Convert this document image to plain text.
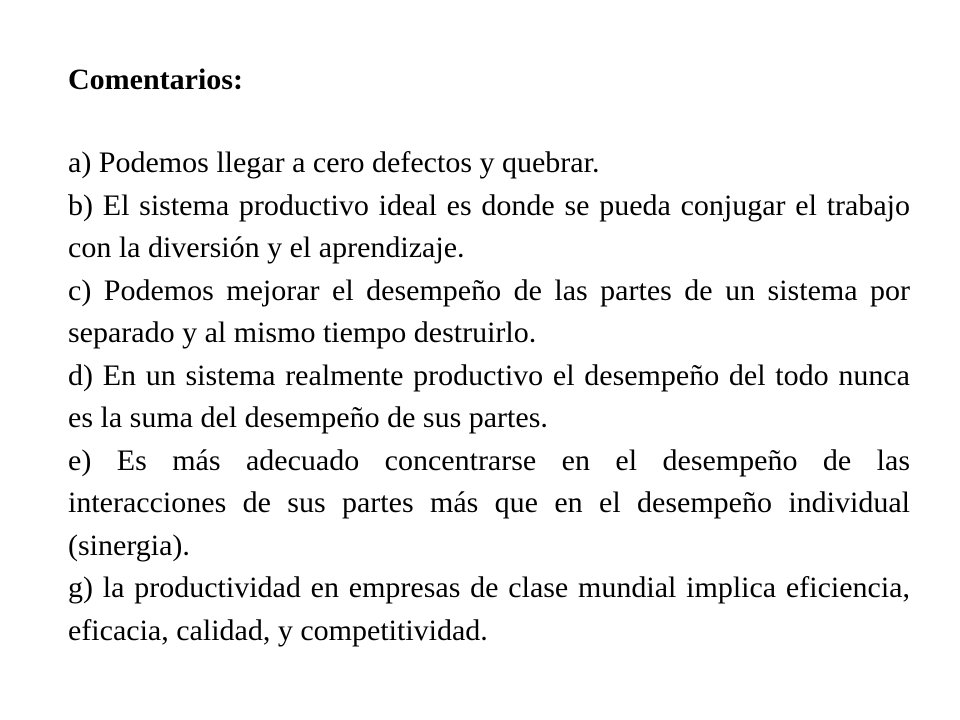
Comentarios:
a) Podemos llegar a cero defectos y quebrar.
b) El sistema productivo ideal es donde se pueda conjugar el trabajo con la diversión y el aprendizaje.
c) Podemos mejorar el desempeño de las partes de un sistema por separado y al mismo tiempo destruirlo.
d) En un sistema realmente productivo el desempeño del todo nunca es la suma del desempeño de sus partes.
e) Es más adecuado concentrarse en el desempeño de las interacciones de sus partes más que en el desempeño individual (sinergia).
g) la productividad en empresas de clase mundial implica eficiencia, eficacia, calidad, y competitividad.
